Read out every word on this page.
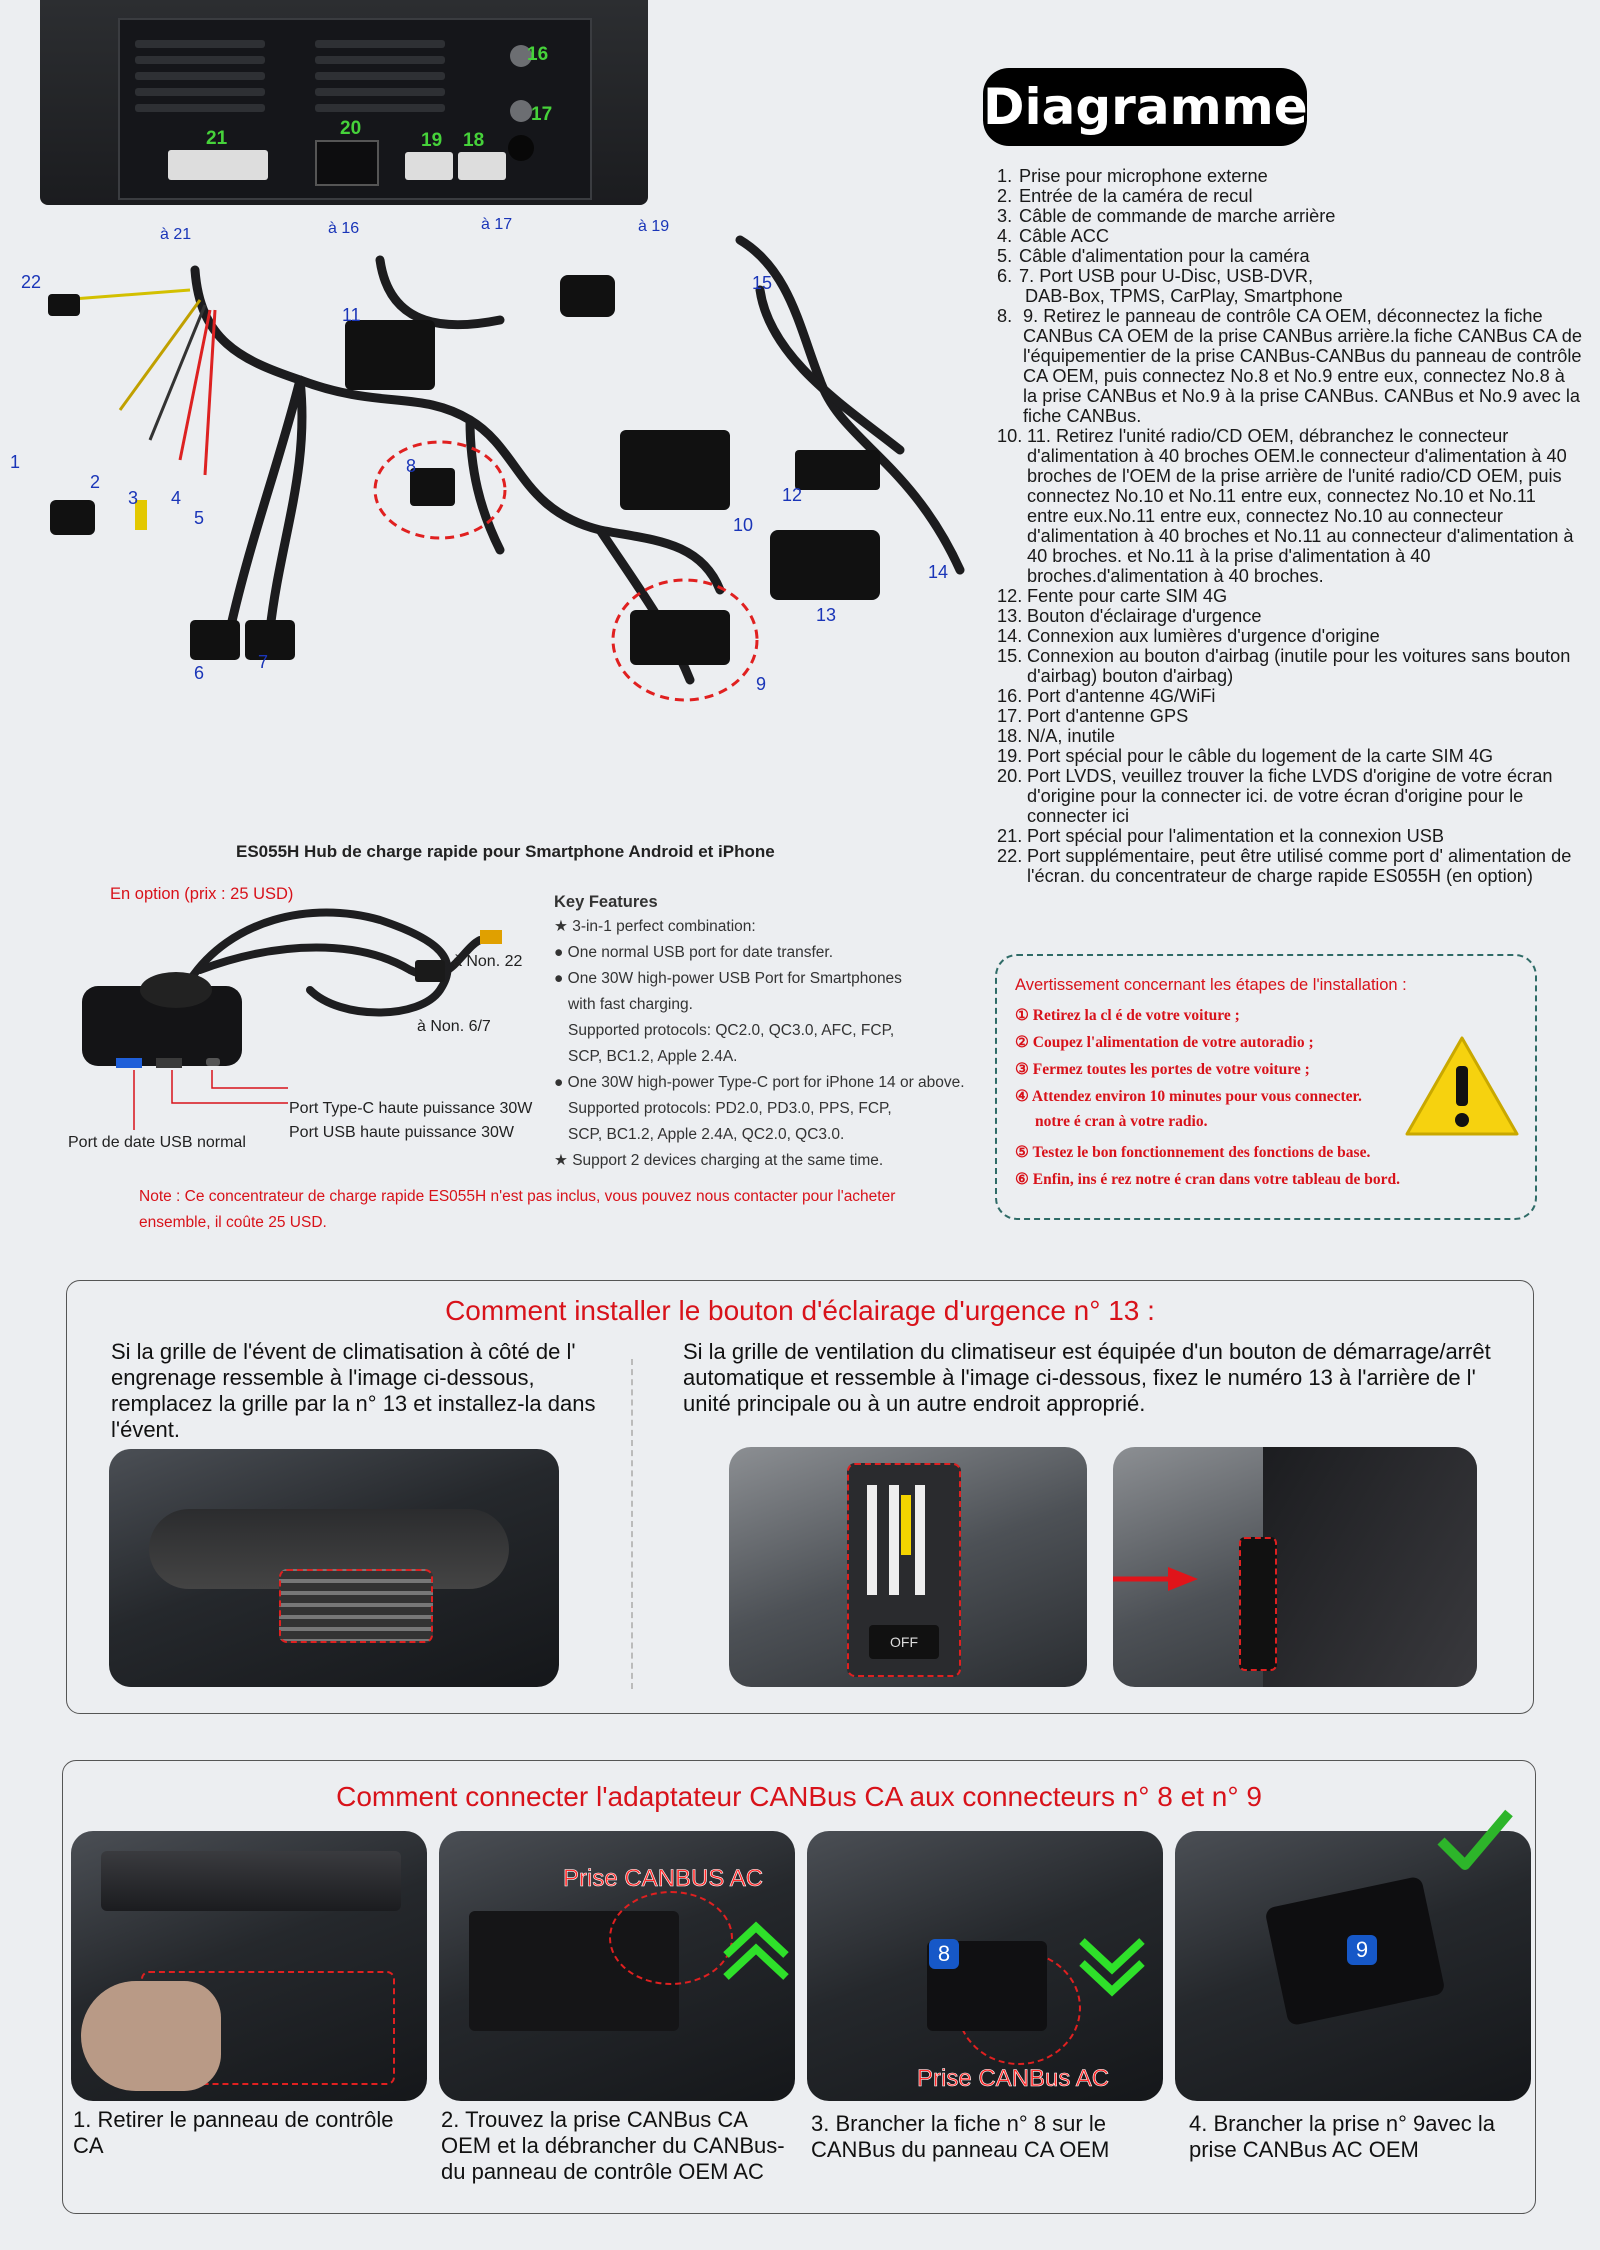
16
17
21	20
19 18
à 21	à 16	à 17	à 19
22
11
15
1
2
3 4
5
8
10
12
14
13
6
7
9
Diagramme
1. Prise pour microphone externe
2. Entrée de la caméra de recul
3. Câble de commande de marche arrière
4. Câble ACC
5. Câble d'alimentation pour la caméra
6. 7. Port USB pour U-Disc, USB-DVR,
DAB-Box, TPMS, CarPlay, Smartphone
8. 9. Retirez le panneau de contrôle CA OEM, déconnectez la fiche CANBus CA OEM de la prise CANBus arrière.la fiche CANBus CA de l'équipementier de la prise CANBus-CANBus du panneau de contrôle CA OEM, puis connectez No.8 et No.9 entre eux, connectez No.8 à la prise CANBus et No.9 à la prise CANBus. CANBus et No.9 avec la fiche CANBus.
10. 11. Retirez l'unité radio/CD OEM, débranchez le connecteur d'alimentation à 40 broches OEM.le connecteur d'alimentation à 40 broches de l'OEM de la prise arrière de l'unité radio/CD OEM, puis connectez No.10 et No.11 entre eux, connectez No.10 et No.11 entre eux.No.11 entre eux, connectez No.10 au connecteur d'alimentation à 40 broches et No.11 au connecteur d'alimentation à 40 broches. et No.11 à la prise d'alimentation à 40 broches.d'alimentation à 40 broches.
12. Fente pour carte SIM 4G
13. Bouton d'éclairage d'urgence
14. Connexion aux lumières d'urgence d'origine
15. Connexion au bouton d'airbag (inutile pour les voitures sans bouton d'airbag) bouton d'airbag)
16. Port d'antenne 4G/WiFi
17. Port d'antenne GPS
18. N/A, inutile
19. Port spécial pour le câble du logement de la carte SIM 4G
20. Port LVDS, veuillez trouver la fiche LVDS d'origine de votre écran d'origine pour la connecter ici. de votre écran d'origine pour le connecter ici
21. Port spécial pour l'alimentation et la connexion USB
22. Port supplémentaire, peut être utilisé comme port d' alimentation de l'écran. du concentrateur de charge rapide ES055H (en option)
ES055H Hub de charge rapide pour Smartphone Android et iPhone
En option (prix : 25 USD)
à Non. 22
à Non. 6/7
Port Type-C haute puissance 30W
Port USB haute puissance 30W
Port de date USB normal
Key Features
★ 3-in-1 perfect combination:
● One normal USB port for date transfer.
● One 30W high-power USB Port for Smartphones
with fast charging.
Supported protocols: QC2.0, QC3.0, AFC, FCP,
SCP, BC1.2, Apple 2.4A.
● One 30W high-power Type-C port for iPhone 14 or above.
Supported protocols: PD2.0, PD3.0, PPS, FCP,
SCP, BC1.2, Apple 2.4A, QC2.0, QC3.0.
★ Support 2 devices charging at the same time.
Note : Ce concentrateur de charge rapide ES055H n'est pas inclus, vous pouvez nous contacter pour l'acheter
ensemble, il coûte 25 USD.
Avertissement concernant les étapes de l'installation :
① Retirez la cl é de votre voiture ;
② Coupez l'alimentation de votre autoradio ;
③ Fermez toutes les portes de votre voiture ;
④ Attendez environ 10 minutes pour vous connecter.
notre é cran à votre radio.
⑤ Testez le bon fonctionnement des fonctions de base.
⑥ Enfin, ins é rez notre é cran dans votre tableau de bord.
Comment installer le bouton d'éclairage d'urgence n° 13 :
Si la grille de l'évent de climatisation à côté de l' engrenage ressemble à l'image ci-dessous, remplacez la grille par la n° 13 et installez-la dans l'évent.
Si la grille de ventilation du climatiseur est équipée d'un bouton de démarrage/arrêt automatique et ressemble à l'image ci-dessous, fixez le numéro 13 à l'arrière de l' unité principale ou à un autre endroit approprié.
OFF
Comment connecter l'adaptateur CANBus CA aux connecteurs n° 8 et n° 9
Prise CANBUS AC
8
Prise CANBus AC
9
1. Retirer le panneau de contrôle CA
2. Trouvez la prise CANBus CA OEM et la débrancher du CANBus-du panneau de contrôle OEM AC
3. Brancher la fiche n° 8 sur le CANBus du panneau CA OEM
4. Brancher la prise n° 9avec la prise CANBus AC OEM
